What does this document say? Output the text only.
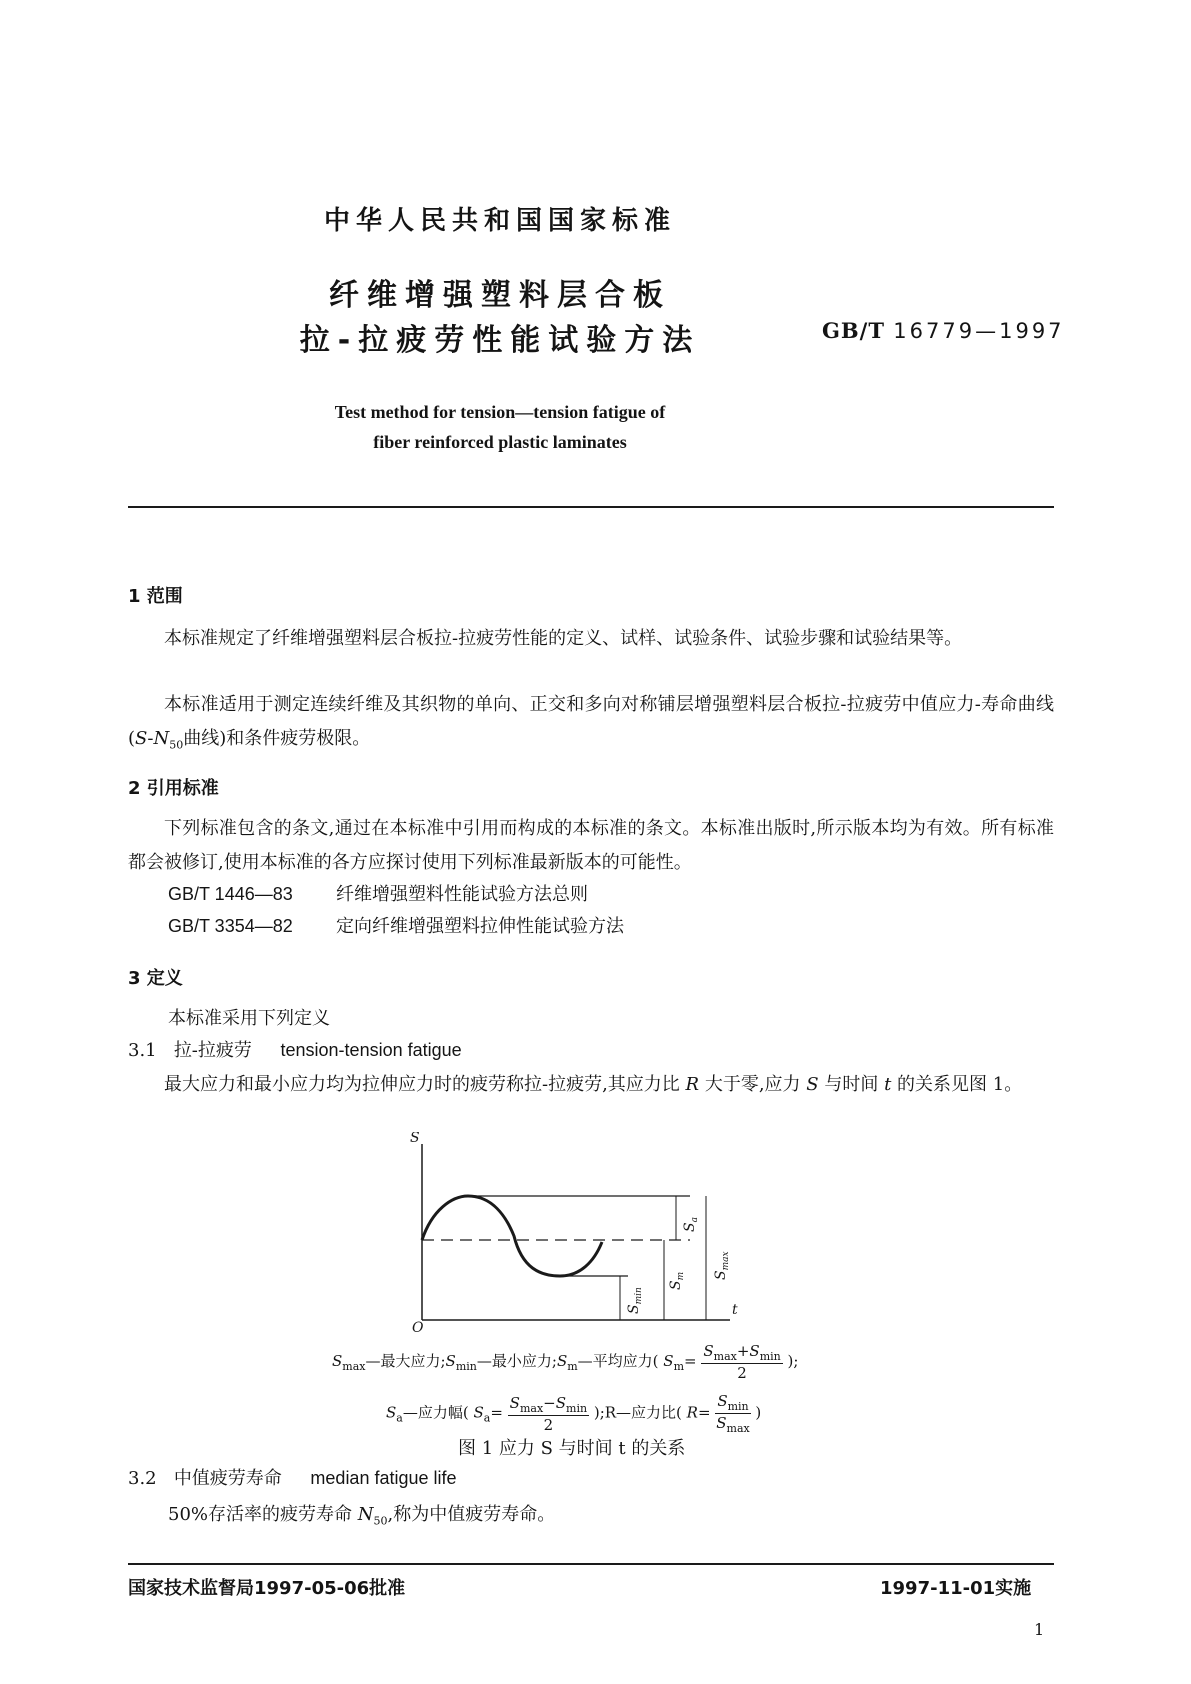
中华人民共和国国家标准
纤维增强塑料层合板
拉-拉疲劳性能试验方法	GB/T 16779—1997
Test method for tension—tension fatigue of
fiber reinforced plastic laminates
1 范围
本标准规定了纤维增强塑料层合板拉-拉疲劳性能的定义、试样、试验条件、试验步骤和试验结果等。
本标准适用于测定连续纤维及其织物的单向、正交和多向对称铺层增强塑料层合板拉-拉疲劳中值应力-寿命曲线($S-N_{50}$曲线)和条件疲劳极限。
2 引用标准
下列标准包含的条文,通过在本标准中引用而构成的本标准的条文。本标准出版时,所示版本均为有效。所有标准都会被修订,使用本标准的各方应探讨使用下列标准最新版本的可能性。
GB/T 1446—83 纤维增强塑料性能试验方法总则
GB/T 3354—82 定向纤维增强塑料拉伸性能试验方法
3 定义
本标准采用下列定义
3.1 拉-拉疲劳 tension-tension fatigue
最大应力和最小应力均为拉伸应力时的疲劳称拉-拉疲劳,其应力比 R 大于零,应力 S 与时间 t 的关系见图 1。
S
t
O
$S_a$
$S_m$ $S_{max}$
$S_{min}$
$S_{max}—$最大应力$;S_{min}—$最小应力$;S_m—$平均应力( $S_m=$
$S_{max}+S_{min}$
2
);
$S_a—$应力幅( $S_a=$
$S_{max}-S_{min}$
2
);R—应力比( R=
$S_{min}$
$S_{max}$
)
图 1 应力 S 与时间 t 的关系
3.2 中值疲劳寿命 median fatigue life
50%存活率的疲劳寿命 $N_{50}$,称为中值疲劳寿命。
国家技术监督局1997-05-06批准	1997-11-01实施
1
